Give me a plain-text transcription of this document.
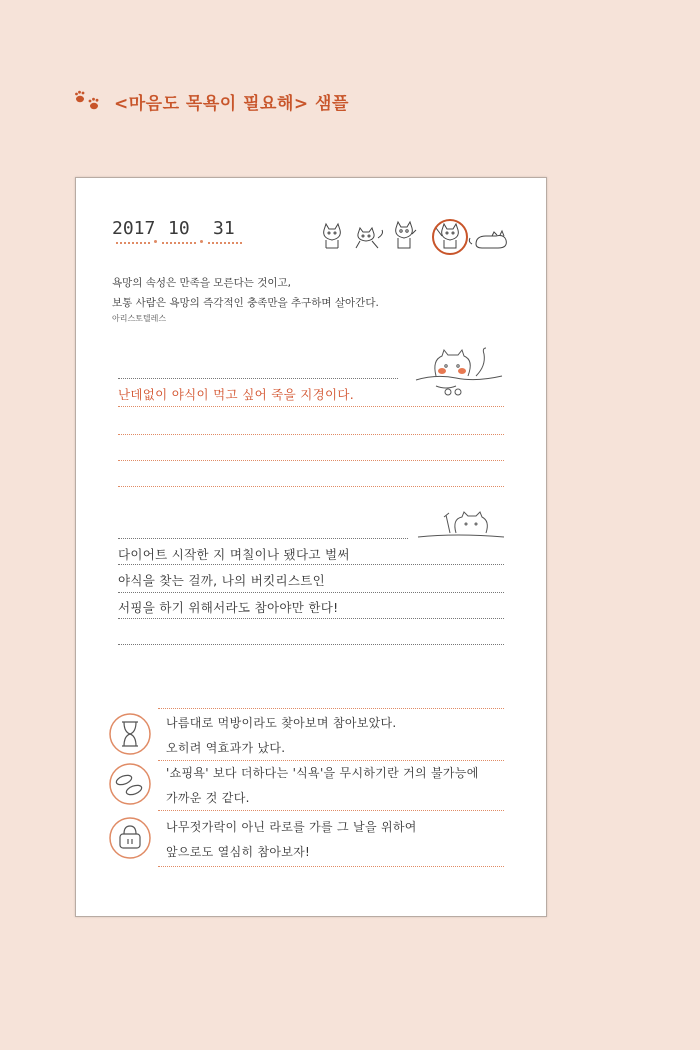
<마음도 목욕이 필요해> 샘플
2017 10 31
욕망의 속성은 만족을 모른다는 것이고,
보통 사람은 욕망의 즉각적인 충족만을 추구하며 살아간다.
아리스토텔레스
난데없이 야식이 먹고 싶어 죽을 지경이다.
다이어트 시작한 지 며칠이나 됐다고 벌써
야식을 찾는 걸까, 나의 버킷리스트인
서핑을 하기 위해서라도 참아야만 한다!
나름대로 먹방이라도 찾아보며 참아보았다.
오히려 역효과가 났다.
'쇼핑욕' 보다 더하다는 '식욕'을 무시하기란 거의 불가능에
가까운 것 같다.
나무젓가락이 아닌 라로를 가를 그 날을 위하여
앞으로도 열심히 참아보자!
